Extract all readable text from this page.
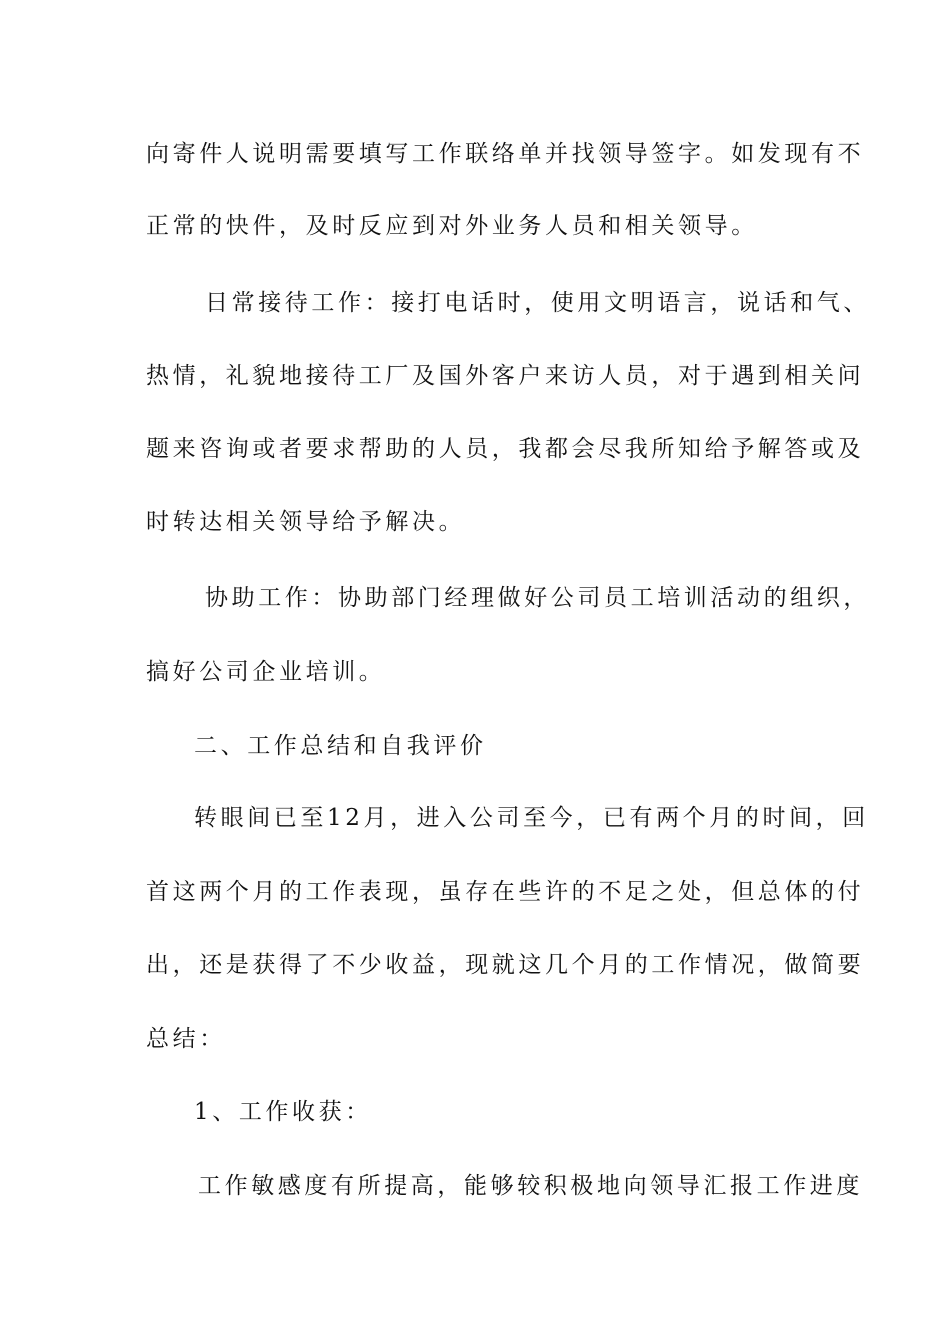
向寄件人说明需要填写工作联络单并找领导签字。如发现有不
正常的快件，及时反应到对外业务人员和相关领导。
日常接待工作：接打电话时，使用文明语言，说话和气、
热情，礼貌地接待工厂及国外客户来访人员，对于遇到相关问
题来咨询或者要求帮助的人员，我都会尽我所知给予解答或及
时转达相关领导给予解决。
协助工作：协助部门经理做好公司员工培训活动的组织，
搞好公司企业培训。
二、工作总结和自我评价
转眼间已至12月，进入公司至今，已有两个月的时间，回
首这两个月的工作表现，虽存在些许的不足之处，但总体的付
出，还是获得了不少收益，现就这几个月的工作情况，做简要
总结：
1、工作收获：
工作敏感度有所提高，能够较积极地向领导汇报工作进度
